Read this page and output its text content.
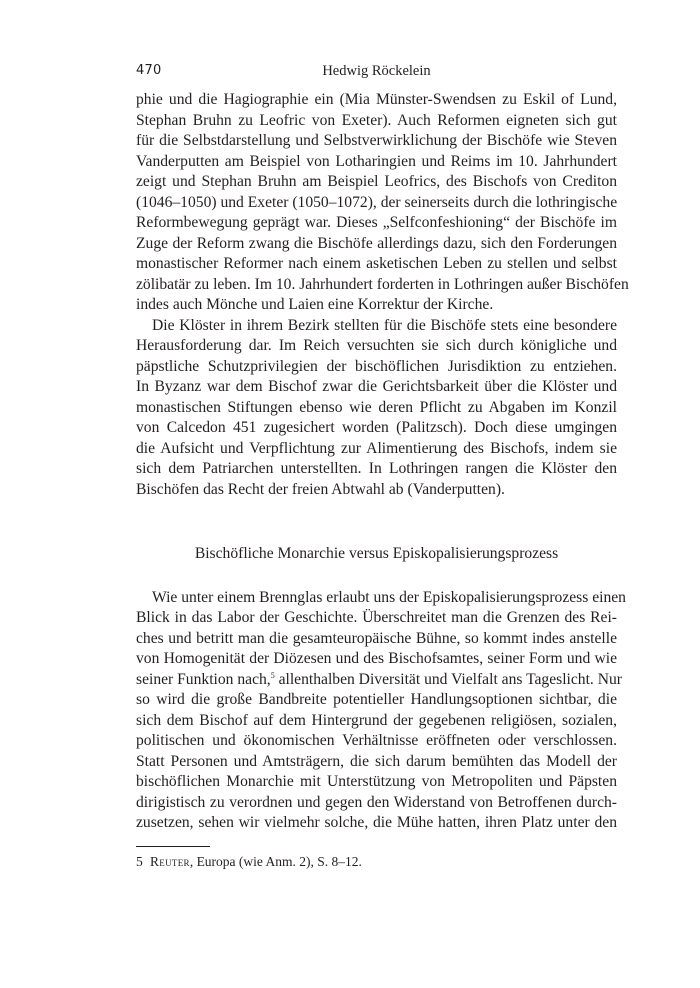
470	Hedwig Röckelein
phie und die Hagiographie ein (Mia Münster-Swendsen zu Eskil of Lund,
Stephan Bruhn zu Leofric von Exeter). Auch Reformen eigneten sich gut
für die Selbstdarstellung und Selbstverwirklichung der Bischöfe wie Steven
Vanderputten am Beispiel von Lotharingien und Reims im 10. Jahrhundert
zeigt und Stephan Bruhn am Beispiel Leofrics, des Bischofs von Crediton
(1046–1050) und Exeter (1050–1072), der seinerseits durch die lothringische
Reformbewegung geprägt war. Dieses „Selfconfeshioning“ der Bischöfe im
Zuge der Reform zwang die Bischöfe allerdings dazu, sich den Forderungen
monastischer Reformer nach einem asketischen Leben zu stellen und selbst
zölibatär zu leben. Im 10. Jahrhundert forderten in Lothringen außer Bischöfen
indes auch Mönche und Laien eine Korrektur der Kirche.
Die Klöster in ihrem Bezirk stellten für die Bischöfe stets eine besondere
Herausforderung dar. Im Reich versuchten sie sich durch königliche und
päpstliche Schutzprivilegien der bischöflichen Jurisdiktion zu entziehen.
In Byzanz war dem Bischof zwar die Gerichtsbarkeit über die Klöster und
monastischen Stiftungen ebenso wie deren Pflicht zu Abgaben im Konzil
von Calcedon 451 zugesichert worden (Palitzsch). Doch diese umgingen
die Aufsicht und Verpflichtung zur Alimentierung des Bischofs, indem sie
sich dem Patriarchen unterstellten. In Lothringen rangen die Klöster den
Bischöfen das Recht der freien Abtwahl ab (Vanderputten).
Bischöfliche Monarchie versus Episkopalisierungsprozess
Wie unter einem Brennglas erlaubt uns der Episkopalisierungsprozess einen
Blick in das Labor der Geschichte. Überschreitet man die Grenzen des Rei-
ches und betritt man die gesamteuropäische Bühne, so kommt indes anstelle
von Homogenität der Diözesen und des Bischofsamtes, seiner Form und wie
seiner Funktion nach,$^5$ allenthalben Diversität und Vielfalt ans Tageslicht. Nur
so wird die große Bandbreite potentieller Handlungsoptionen sichtbar, die
sich dem Bischof auf dem Hintergrund der gegebenen religiösen, sozialen,
politischen und ökonomischen Verhältnisse eröffneten oder verschlossen.
Statt Personen und Amtsträgern, die sich darum bemühten das Modell der
bischöflichen Monarchie mit Unterstützung von Metropoliten und Päpsten
dirigistisch zu verordnen und gegen den Widerstand von Betroffenen durch-
zusetzen, sehen wir vielmehr solche, die Mühe hatten, ihren Platz unter den
5 Reuter, Europa (wie Anm. 2), S. 8–12.
